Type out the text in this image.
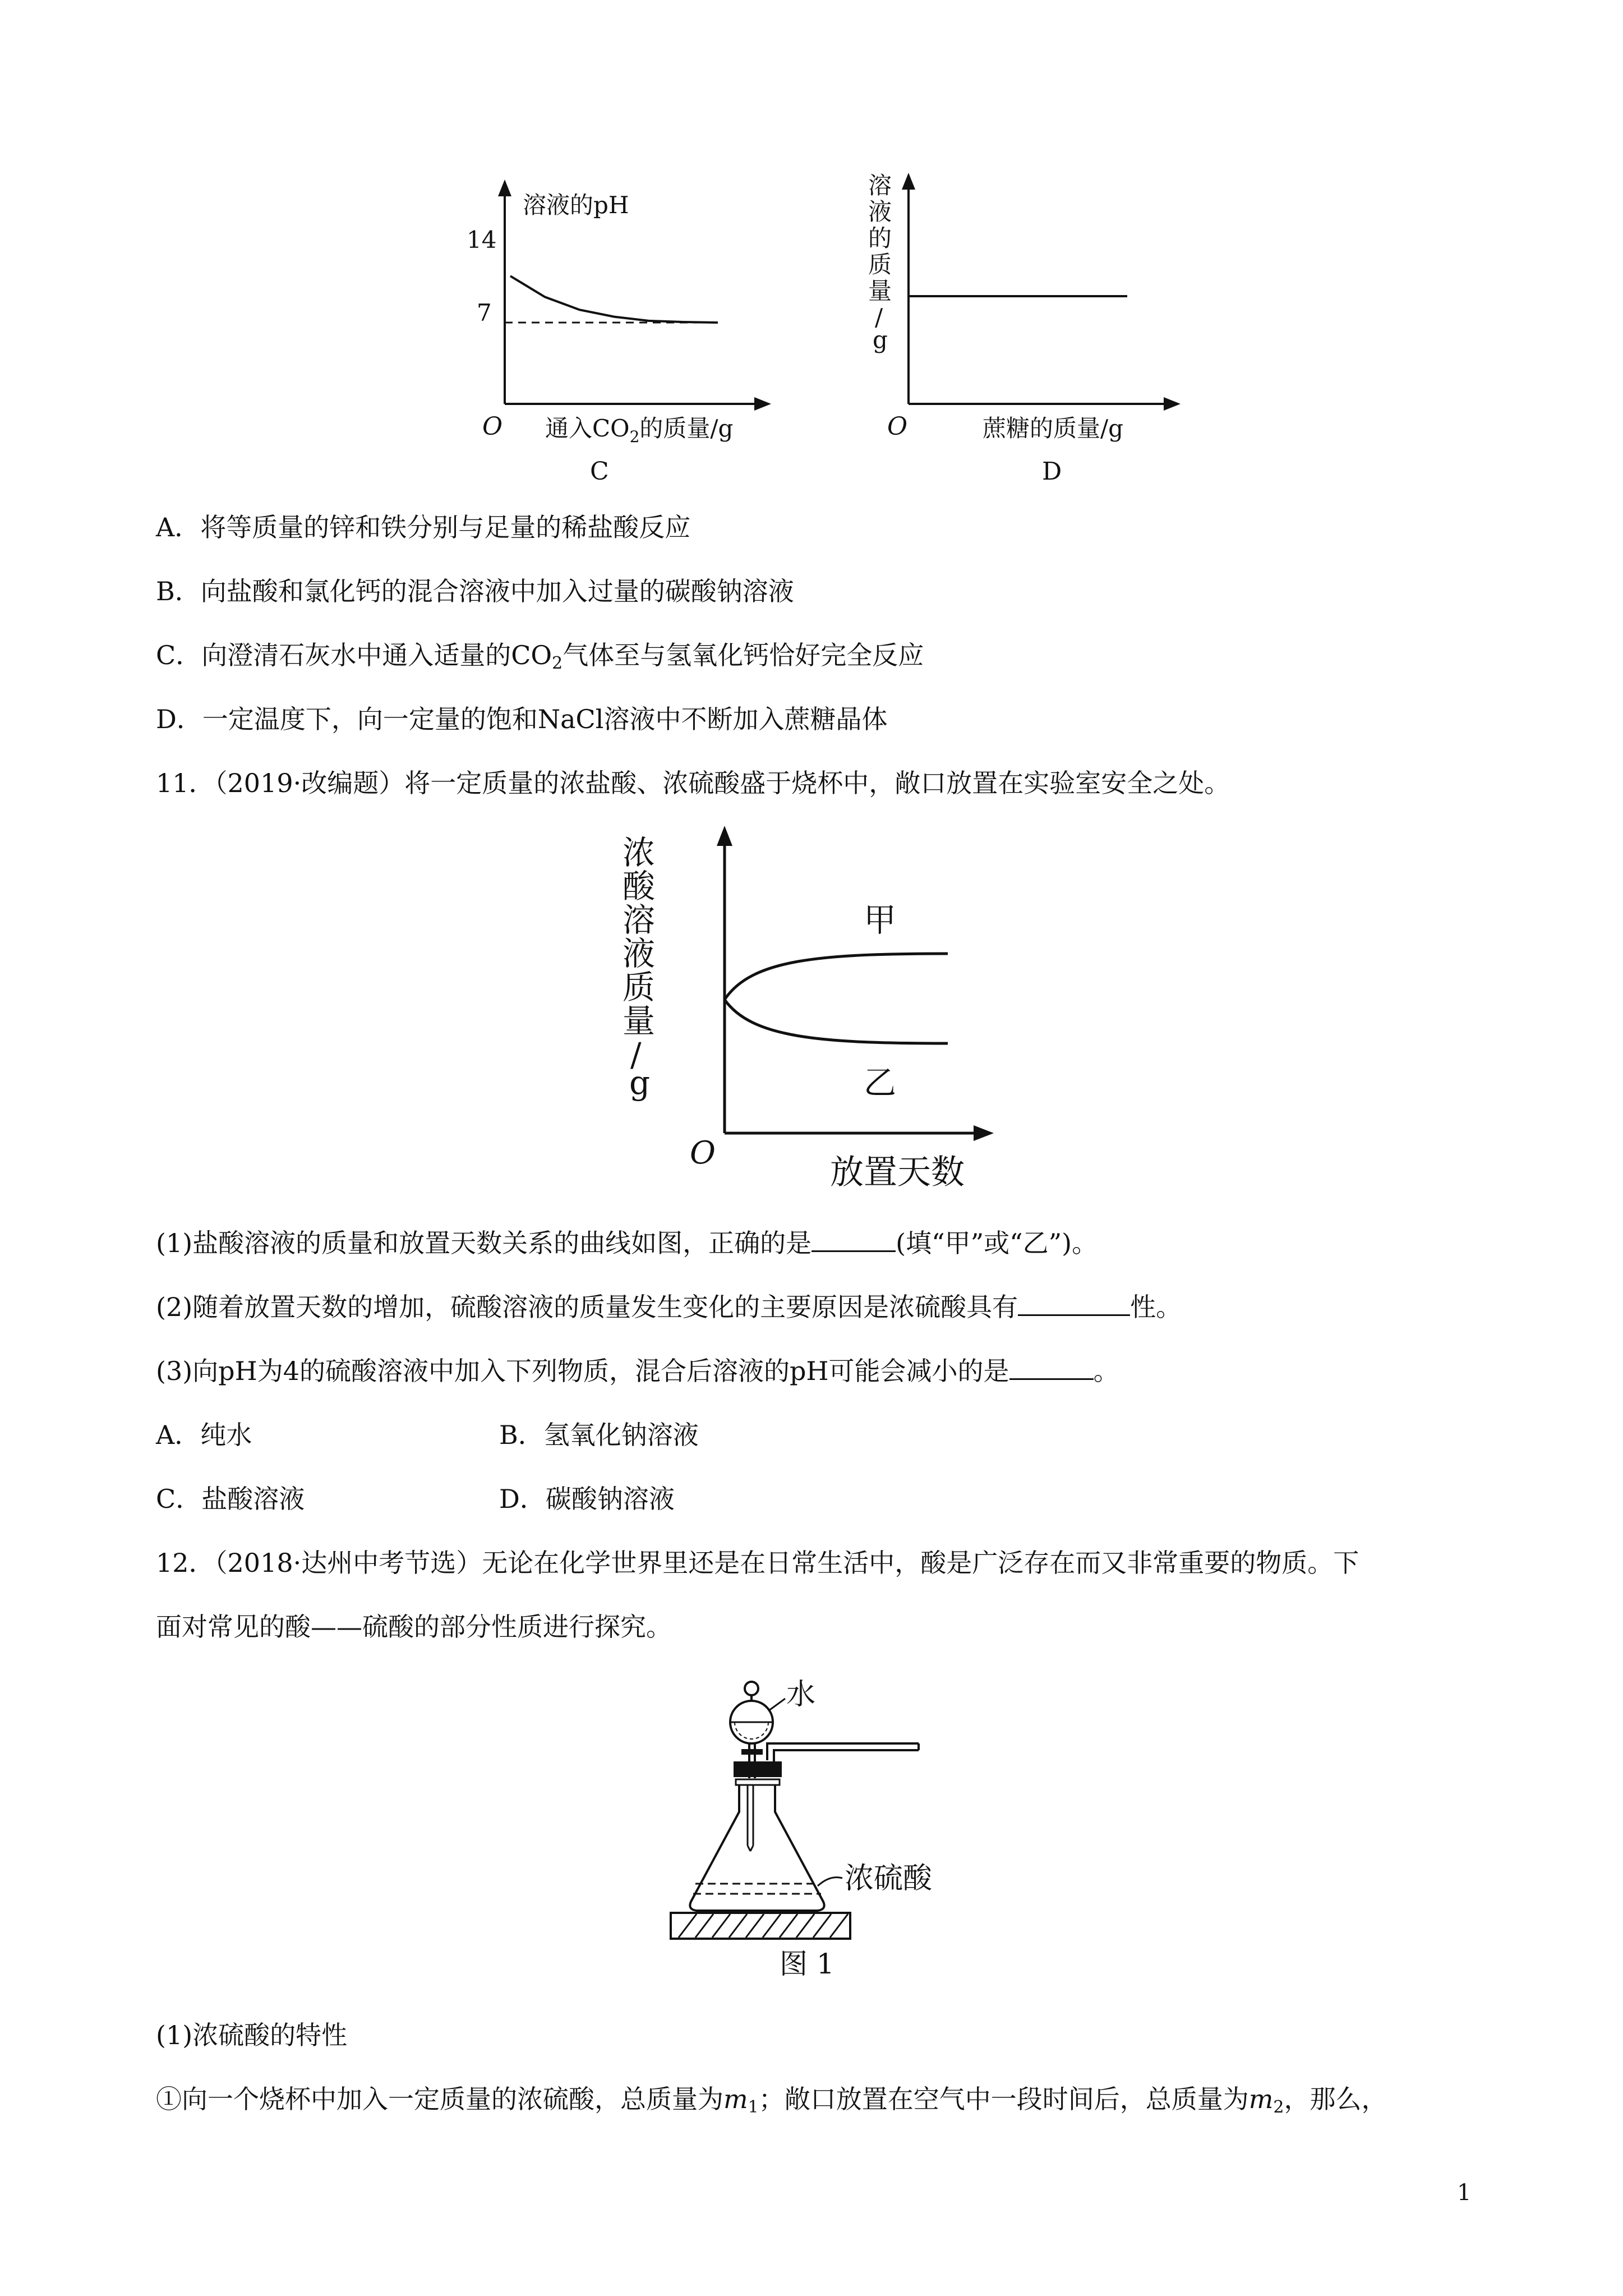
溶液的pH
14
7
O 通入$CO_2$的质量/g
C
溶
液
的
质
量
/
g
O	蔗糖的质量/g
D
A．将等质量的锌和铁分别与足量的稀盐酸反应
B．向盐酸和氯化钙的混合溶液中加入过量的碳酸钠溶液
C．向澄清石灰水中通入适量的$CO_2$气体至与氢氧化钙恰好完全反应
D．一定温度下，向一定量的饱和NaCl溶液中不断加入蔗糖晶体
11．（2019·改编题）将一定质量的浓盐酸、浓硫酸盛于烧杯中，敞口放置在实验室安全之处。
浓
酸
溶
液
质
量
/
g
甲
乙
O	放置天数
(1)盐酸溶液的质量和放置天数关系的曲线如图，正确的是	(填“甲”或“乙”)。
(2)随着放置天数的增加，硫酸溶液的质量发生变化的主要原因是浓硫酸具有	性。
(3)向pH为4的硫酸溶液中加入下列物质，混合后溶液的pH可能会减小的是	。
A．纯水	B．氢氧化钠溶液
C．盐酸溶液	D．碳酸钠溶液
12．（2018·达州中考节选）无论在化学世界里还是在日常生活中，酸是广泛存在而又非常重要的物质。下
面对常见的酸——硫酸的部分性质进行探究。
水
浓硫酸
图 1
(1)浓硫酸的特性
①向一个烧杯中加入一定质量的浓硫酸，总质量为$m_1$；敞口放置在空气中一段时间后，总质量为$m_2$，那么，
1
